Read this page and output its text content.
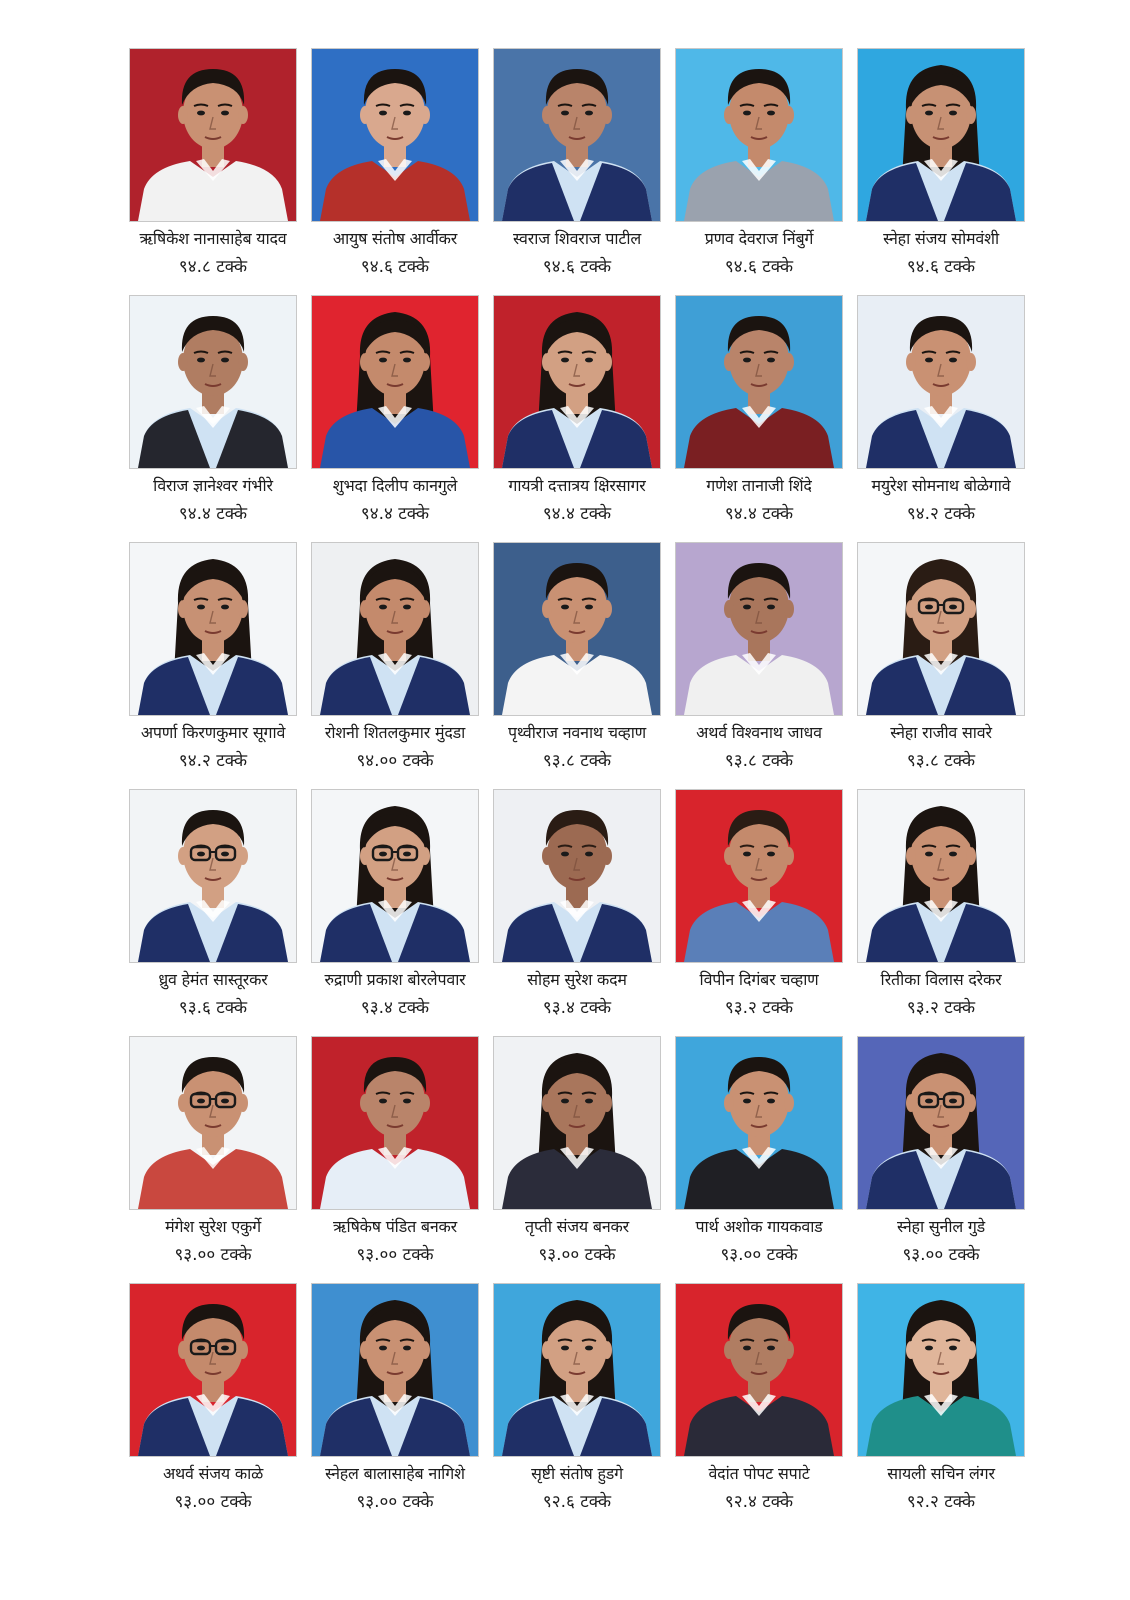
ऋषिकेश नानासाहेब यादव
९४.८ टक्के
आयुष संतोष आर्वीकर
९४.६ टक्के
स्वराज शिवराज पाटील
९४.६ टक्के
प्रणव देवराज निंबुर्गे
९४.६ टक्के
स्नेहा संजय सोमवंशी
९४.६ टक्के
विराज ज्ञानेश्वर गंभीरे
९४.४ टक्के
शुभदा दिलीप कानगुले
९४.४ टक्के
गायत्री दत्तात्रय क्षिरसागर
९४.४ टक्के
गणेश तानाजी शिंदे
९४.४ टक्के
मयुरेश सोमनाथ बोळेगावे
९४.२ टक्के
अपर्णा किरणकुमार सूगावे
९४.२ टक्के
रोशनी शितलकुमार मुंदडा
९४.०० टक्के
पृथ्वीराज नवनाथ चव्हाण
९३.८ टक्के
अथर्व विश्वनाथ जाधव
९३.८ टक्के
स्नेहा राजीव सावरे
९३.८ टक्के
ध्रुव हेमंत सास्तूरकर
९३.६ टक्के
रुद्राणी प्रकाश बोरलेपवार
९३.४ टक्के
सोहम सुरेश कदम
९३.४ टक्के
विपीन दिगंबर चव्हाण
९३.२ टक्के
रितीका विलास दरेकर
९३.२ टक्के
मंगेश सुरेश एकुर्गे
९३.०० टक्के
ऋषिकेष पंडित बनकर
९३.०० टक्के
तृप्ती संजय बनकर
९३.०० टक्के
पार्थ अशोक गायकवाड
९३.०० टक्के
स्नेहा सुनील गुडे
९३.०० टक्के
अथर्व संजय काळे
९३.०० टक्के
स्नेहल बालासाहेब नागिशे
९३.०० टक्के
सृष्टी संतोष हुडगे
९२.६ टक्के
वेदांत पोपट सपाटे
९२.४ टक्के
सायली सचिन लंगर
९२.२ टक्के
